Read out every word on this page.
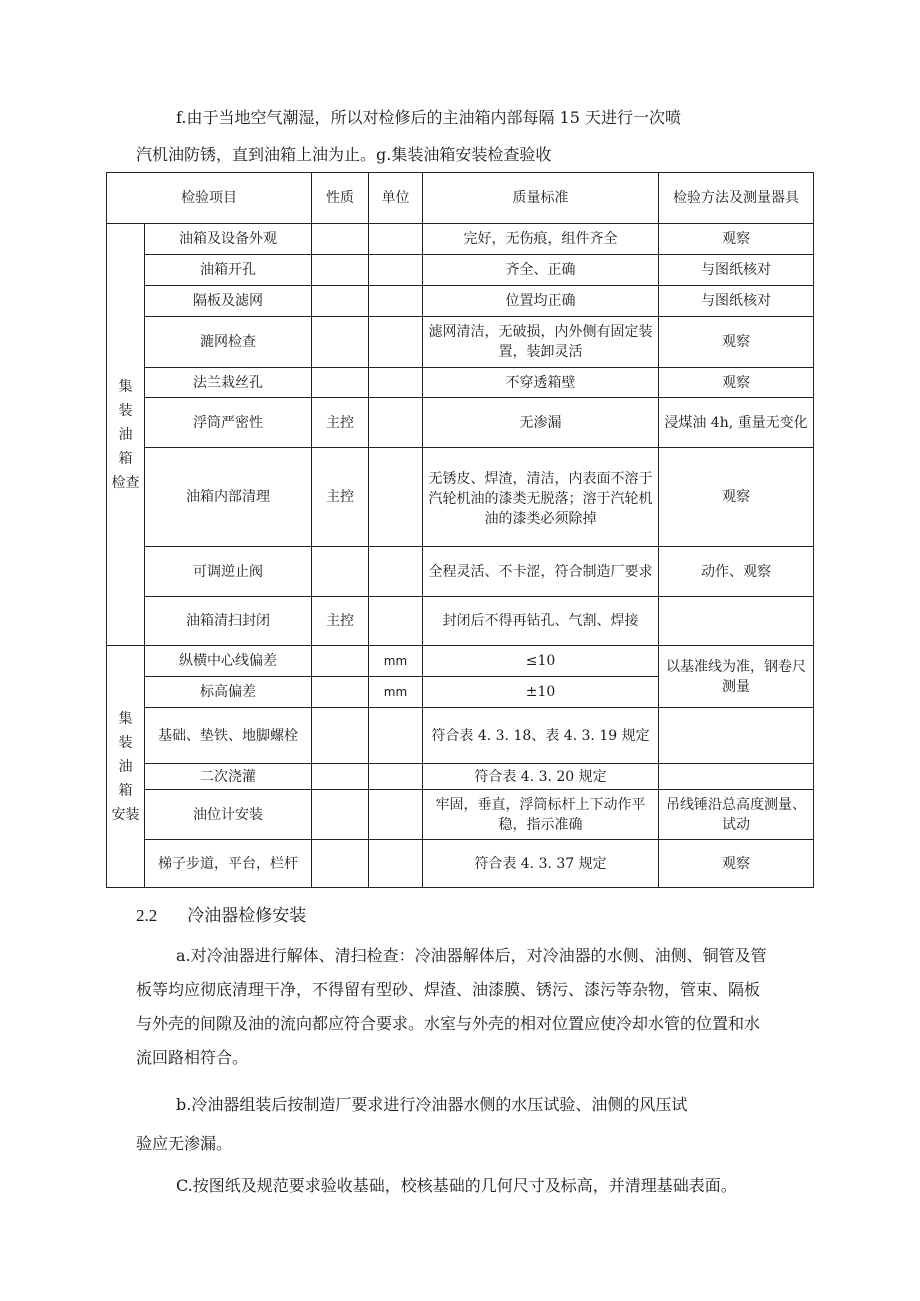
f.由于当地空气潮湿，所以对检修后的主油箱内部每隔 15 天进行一次喷
汽机油防锈，直到油箱上油为止。g.集装油箱安装检查验收
检验项目		性质	单位	质量标准	检验方法及测量器具

集 装
油 箱
检查	油箱及设备外观			完好，无伤痕，组件齐全	观察
	油箱开孔			齐全、正确	与图纸核对
	隔板及滤网			位置均正确	与图纸核对
	漉网检查			滤网清洁，无破损，内外侧有固定装置，装卸灵活	观察
	法兰栽丝孔			不穿透箱壁	观察
	浮筒严密性	主控		无渗漏	浸煤油 4h, 重量无变化
	油箱内部清理	主控		无锈皮、焊渣，清洁，内表面不溶于汽轮机油的漆类无脱落；溶于汽轮机油的漆类必须除掉	观察
	可调逆止阀			全程灵活、不卡涩，符合制造厂要求	动作、观察
	油箱清扫封闭	主控		封闭后不得再钻孔、气割、焊接	

集 装
油 箱
安装	纵横中心线偏差		mm	≤10	以基准线为准，钢卷尺测量
	标高偏差		mm	±10	
	基础、垫铁、地脚螺栓			符合表 4. 3. 18、表 4. 3. 19 规定	
	二次浇灌			符合表 4. 3. 20 规定	
	油位计安装			牢固，垂直，浮筒标杆上下动作平稳，指示准确	吊线锤沿总高度测量、试动
	梯子步道，平台，栏杆			符合表 4. 3. 37 规定	观察
2.2 冷油器检修安装
a.对冷油器进行解体、清扫检查：冷油器解体后，对冷油器的水侧、油侧、铜管及管
板等均应彻底清理干净，不得留有型砂、焊渣、油漆膜、锈污、漆污等杂物，管束、隔板
与外壳的间隙及油的流向都应符合要求。水室与外壳的相对位置应使冷却水管的位置和水
流回路相符合。
b.冷油器组装后按制造厂要求进行冷油器水侧的水压试验、油侧的风压试
验应无渗漏。
C.按图纸及规范要求验收基础，校核基础的几何尺寸及标高，并清理基础表面。
